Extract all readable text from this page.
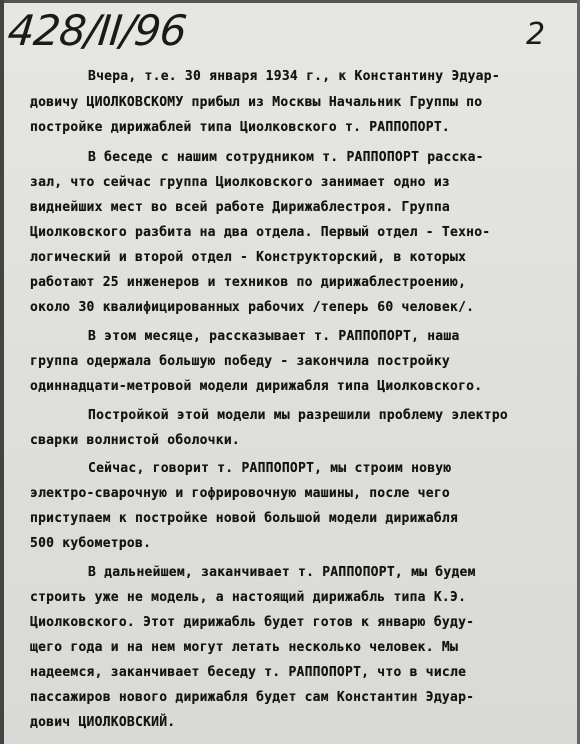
428/II/96	2
Вчера, т.е. 30 января 1934 г., к Константину Эдуар-
довичу ЦИОЛКОВСКОМУ прибыл из Москвы Начальник Группы по
постройке дирижаблей типа Циолковского т. РАППОПОРТ.
В беседе с нашим сотрудником т. РАППОПОРТ расска-
зал, что сейчас группа Циолковского занимает одно из
виднейших мест во всей работе Дирижаблестроя. Группа
Циолковского разбита на два отдела. Первый отдел - Техно-
логический и второй отдел - Конструкторский, в которых
работают 25 инженеров и техников по дирижаблестроению,
около 30 квалифицированных рабочих /теперь 60 человек/.
В этом месяце, рассказывает т. РАППОПОРТ, наша
группа одержала большую победу - закончила постройку
одиннадцати-метровой модели дирижабля типа Циолковского.
Постройкой этой модели мы разрешили проблему электро
сварки волнистой оболочки.
Сейчас, говорит т. РАППОПОРТ, мы строим новую
электро-сварочную и гофрировочную машины, после чего
приступаем к постройке новой большой модели дирижабля
500 кубометров.
В дальнейшем, заканчивает т. РАППОПОРТ, мы будем
строить уже не модель, а настоящий дирижабль типа К.Э.
Циолковского. Этот дирижабль будет готов к январю буду-
щего года и на нем могут летать несколько человек. Мы
надеемся, заканчивает беседу т. РАППОПОРТ, что в числе
пассажиров нового дирижабля будет сам Константин Эдуар-
дович ЦИОЛКОВСКИЙ.
